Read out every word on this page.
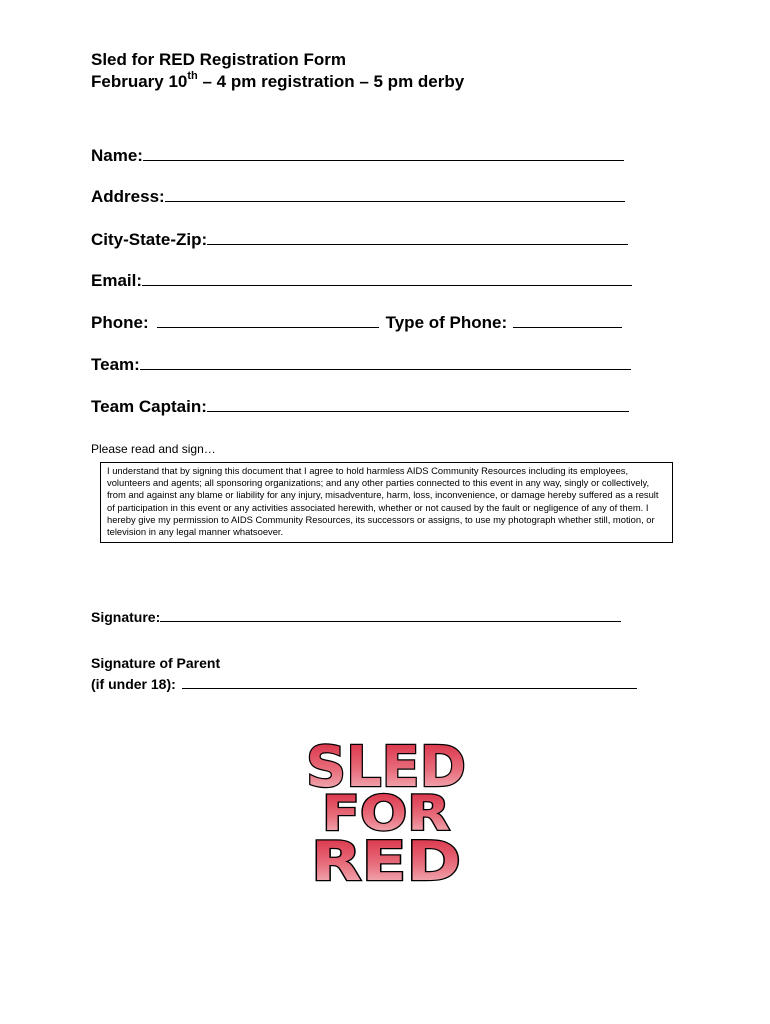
Sled for RED Registration Form
February 10th – 4 pm registration – 5 pm derby
Name:
Address:
City-State-Zip:
Email:
Phone:	Type of Phone:
Team:
Team Captain:
Please read and sign…
I understand that by signing this document that I agree to hold harmless AIDS Community Resources including its employees, volunteers and agents; all sponsoring organizations; and any other parties connected to this event in any way, singly or collectively, from and against any blame or liability for any injury, misadventure, harm, loss, inconvenience, or damage hereby suffered as a result of participation in this event or any activities associated herewith, whether or not caused by the fault or negligence of any of them. I hereby give my permission to AIDS Community Resources, its successors or assigns, to use my photograph whether still, motion, or television in any legal manner whatsoever.
Signature:
Signature of Parent
(if under 18):
SLED
FOR
RED
